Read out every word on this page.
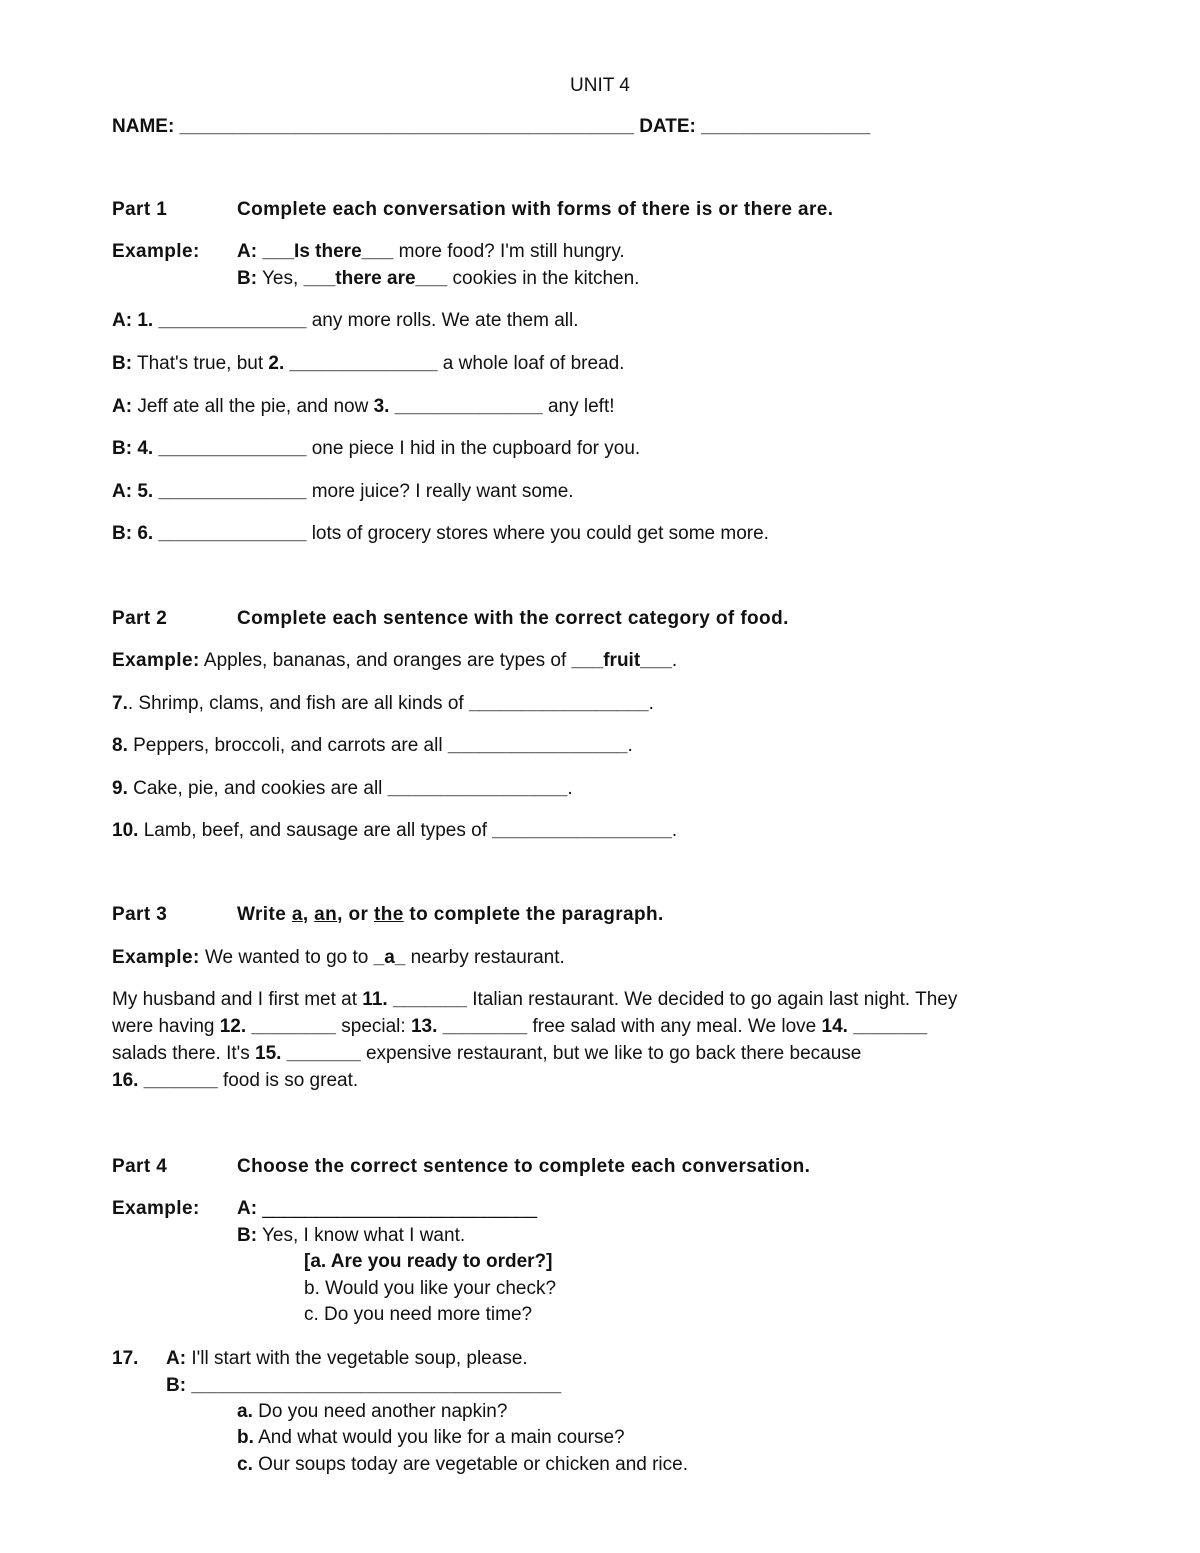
UNIT 4
NAME: ___________________________________________ DATE: ________________
Part 1	Complete each conversation with forms of there is or there are.
Example: A: ___Is there___ more food? I'm still hungry.
B: Yes, ___there are___ cookies in the kitchen.
A: 1. ______________ any more rolls. We ate them all.
B: That's true, but 2. ______________ a whole loaf of bread.
A: Jeff ate all the pie, and now 3. ______________ any left!
B: 4. ______________ one piece I hid in the cupboard for you.
A: 5. ______________ more juice? I really want some.
B: 6. ______________ lots of grocery stores where you could get some more.
Part 2	Complete each sentence with the correct category of food.
Example: Apples, bananas, and oranges are types of ___fruit___.
7.. Shrimp, clams, and fish are all kinds of _________________.
8. Peppers, broccoli, and carrots are all _________________.
9. Cake, pie, and cookies are all _________________.
10. Lamb, beef, and sausage are all types of _________________.
Part 3	Write a, an, or the to complete the paragraph.
Example: We wanted to go to _a_ nearby restaurant.
My husband and I first met at 11. _______ Italian restaurant. We decided to go again last night. They
were having 12. ________ special: 13. ________ free salad with any meal. We love 14. _______
salads there. It's 15. _______ expensive restaurant, but we like to go back there because
16. _______ food is so great.
Part 4	Choose the correct sentence to complete each conversation.
Example: A: __________________________
B: Yes, I know what I want.
[a. Are you ready to order?]
b. Would you like your check?
c. Do you need more time?
17. A: I'll start with the vegetable soup, please.
B: ___________________________________
a. Do you need another napkin?
b. And what would you like for a main course?
c. Our soups today are vegetable or chicken and rice.
